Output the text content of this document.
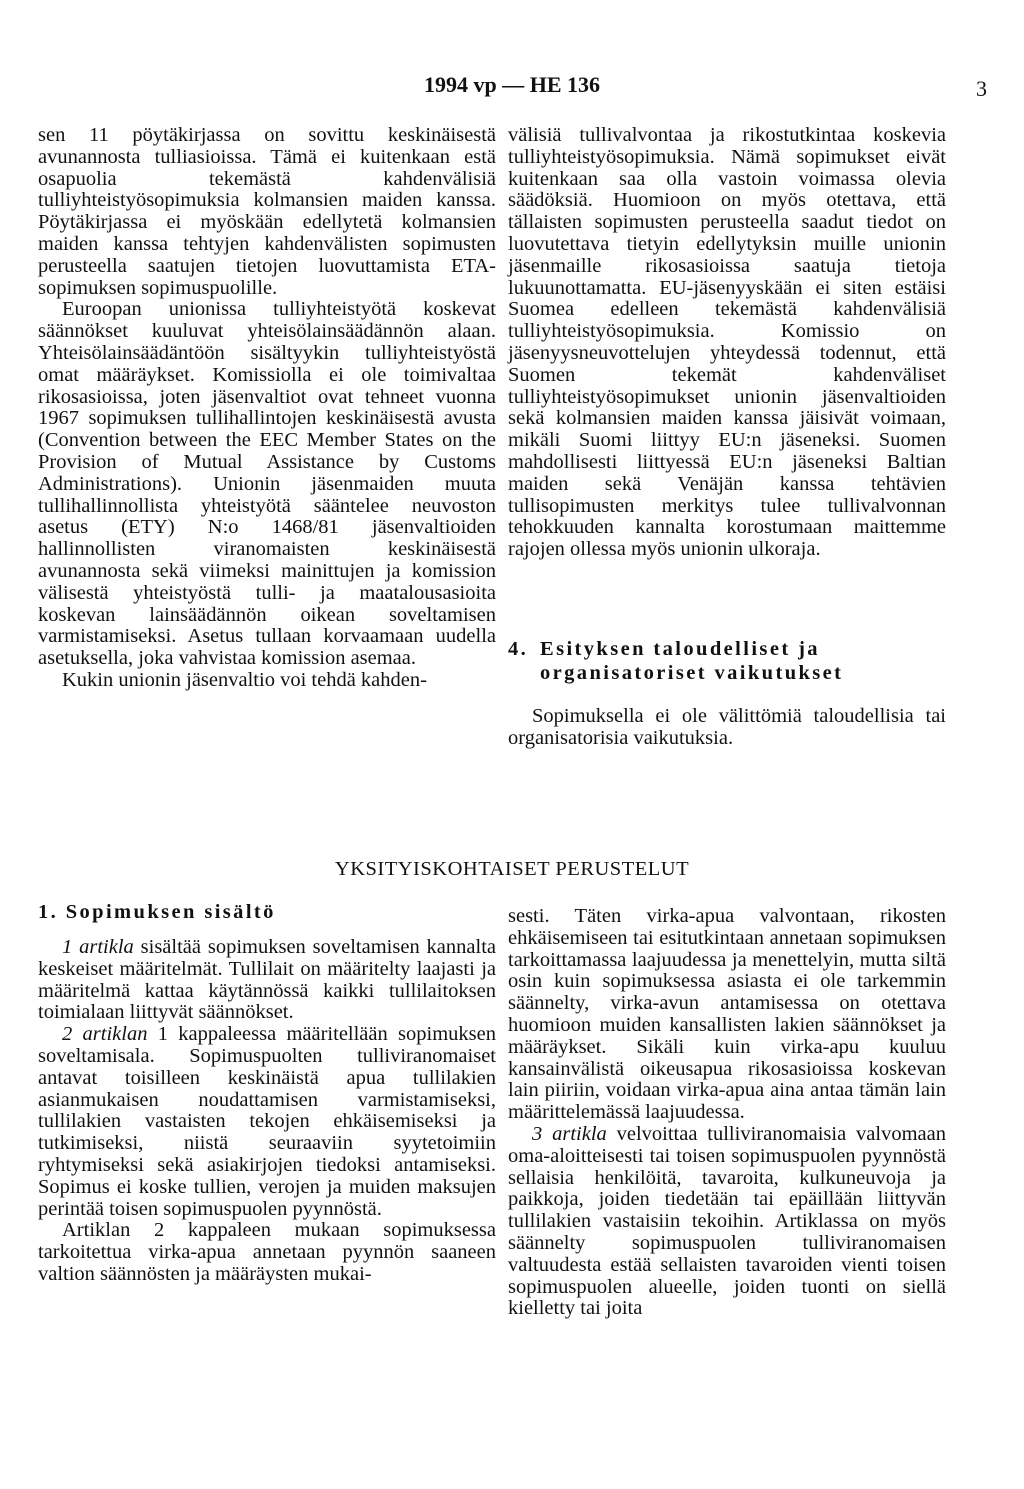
1994 vp — HE 136	3

sen 11 pöytäkirjassa on sovittu keskinäisestä avunannosta tulliasioissa. Tämä ei kuitenkaan estä osapuolia tekemästä kahdenvälisiä tulliyhteistyösopimuksia kolmansien maiden kanssa. Pöytäkirjassa ei myöskään edellytetä kolmansien maiden kanssa tehtyjen kahdenvälisten sopimusten perusteella saatujen tietojen luovuttamista ETA-sopimuksen sopimuspuolille.

Euroopan unionissa tulliyhteistyötä koskevat säännökset kuuluvat yhteisölainsäädännön alaan. Yhteisölainsäädäntöön sisältyykin tulliyhteistyöstä omat määräykset. Komissiolla ei ole toimivaltaa rikosasioissa, joten jäsenvaltiot ovat tehneet vuonna 1967 sopimuksen tullihallintojen keskinäisestä avusta (Convention between the EEC Member States on the Provision of Mutual Assistance by Customs Administrations). Unionin jäsenmaiden muuta tullihallinnollista yhteistyötä sääntelee neuvoston asetus (ETY) N:o 1468/81 jäsenvaltioiden hallinnollisten viranomaisten keskinäisestä avunannosta sekä viimeksi mainittujen ja komission välisestä yhteistyöstä tulli- ja maatalousasioita koskevan lainsäädännön oikean soveltamisen varmistamiseksi. Asetus tullaan korvaamaan uudella asetuksella, joka vahvistaa komission asemaa.

Kukin unionin jäsenvaltio voi tehdä kahden-

välisiä tullivalvontaa ja rikostutkintaa koskevia tulliyhteistyösopimuksia. Nämä sopimukset eivät kuitenkaan saa olla vastoin voimassa olevia säädöksiä. Huomioon on myös otettava, että tällaisten sopimusten perusteella saadut tiedot on luovutettava tietyin edellytyksin muille unionin jäsenmaille rikosasioissa saatuja tietoja lukuunottamatta. EU-jäsenyyskään ei siten estäisi Suomea edelleen tekemästä kahdenvälisiä tulliyhteistyösopimuksia. Komissio on jäsenyysneuvottelujen yhteydessä todennut, että Suomen tekemät kahdenväliset tulliyhteistyösopimukset unionin jäsenvaltioiden sekä kolmansien maiden kanssa jäisivät voimaan, mikäli Suomi liittyy EU:n jäseneksi. Suomen mahdollisesti liittyessä EU:n jäseneksi Baltian maiden sekä Venäjän kanssa tehtävien tullisopimusten merkitys tulee tullivalvonnan tehokkuuden kannalta korostumaan maittemme rajojen ollessa myös unionin ulkoraja.

4. Esityksen taloudelliset ja organisatoriset vaikutukset

Sopimuksella ei ole välittömiä taloudellisia tai organisatorisia vaikutuksia.

YKSITYISKOHTAISET PERUSTELUT
1. Sopimuksen sisältö

1 artikla sisältää sopimuksen soveltamisen kannalta keskeiset määritelmät. Tullilait on määritelty laajasti ja määritelmä kattaa käytännössä kaikki tullilaitoksen toimialaan liittyvät säännökset.

2 artiklan 1 kappaleessa määritellään sopimuksen soveltamisala. Sopimuspuolten tulliviranomaiset antavat toisilleen keskinäistä apua tullilakien asianmukaisen noudattamisen varmistamiseksi, tullilakien vastaisten tekojen ehkäisemiseksi ja tutkimiseksi, niistä seuraaviin syytetoimiin ryhtymiseksi sekä asiakirjojen tiedoksi antamiseksi. Sopimus ei koske tullien, verojen ja muiden maksujen perintää toisen sopimuspuolen pyynnöstä.

Artiklan 2 kappaleen mukaan sopimuksessa tarkoitettua virka-apua annetaan pyynnön saaneen valtion säännösten ja määräysten mukai-

sesti. Täten virka-apua valvontaan, rikosten ehkäisemiseen tai esitutkintaan annetaan sopimuksen tarkoittamassa laajuudessa ja menettelyin, mutta siltä osin kuin sopimuksessa asiasta ei ole tarkemmin säännelty, virka-avun antamisessa on otettava huomioon muiden kansallisten lakien säännökset ja määräykset. Sikäli kuin virka-apu kuuluu kansainvälistä oikeusapua rikosasioissa koskevan lain piiriin, voidaan virka-apua aina antaa tämän lain määrittelemässä laajuudessa.

3 artikla velvoittaa tulliviranomaisia valvomaan oma-aloitteisesti tai toisen sopimuspuolen pyynnöstä sellaisia henkilöitä, tavaroita, kulkuneuvoja ja paikkoja, joiden tiedetään tai epäillään liittyvän tullilakien vastaisiin tekoihin. Artiklassa on myös säännelty sopimuspuolen tulliviranomaisen valtuudesta estää sellaisten tavaroiden vienti toisen sopimuspuolen alueelle, joiden tuonti on siellä kielletty tai joita
